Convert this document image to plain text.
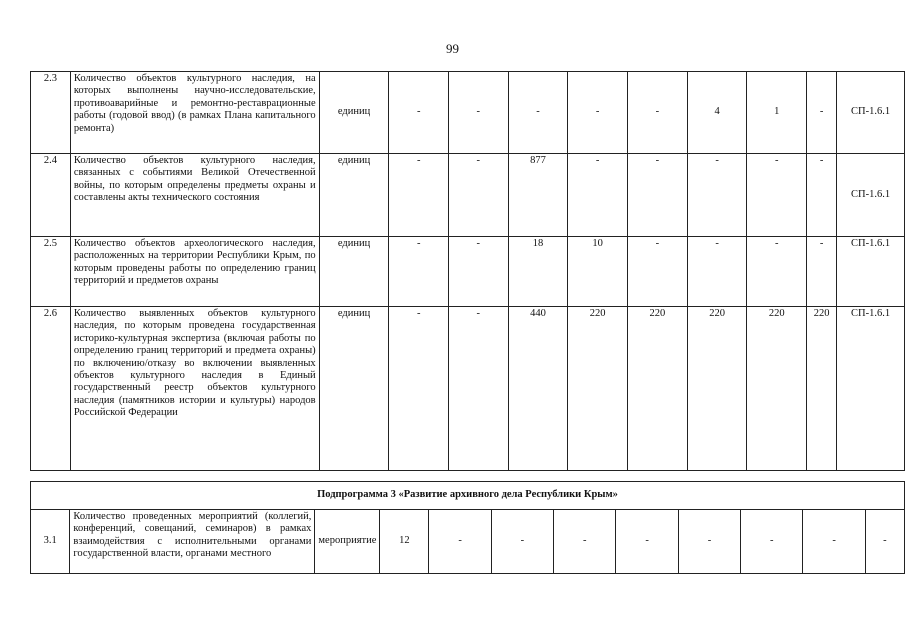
99
2.3	Количество объектов культурного наследия, на которых выполнены научно-исследовательские, противоаварийные и ремонтно-реставрационные работы (годовой ввод) (в рамках Плана капитального ремонта)	единиц	-	-	-	-	-	4	1	-	СП-1.6.1
2.4	Количество объектов культурного наследия, связанных с событиями Великой Отечественной войны, по которым определены предметы охраны и составлены акты технического состояния	единиц	-	-	877	-	-	-	-	-	СП-1.6.1
2.5	Количество объектов археологического наследия, расположенных на территории Республики Крым, по которым проведены работы по определению границ территорий и предметов охраны	единиц	-	-	18	10	-	-	-	-	СП-1.6.1
2.6	Количество выявленных объектов культурного наследия, по которым проведена государственная историко-культурная экспертиза (включая работы по определению границ территорий и предмета охраны) по включению/отказу во включении выявленных объектов культурного наследия в Единый государственный реестр объектов культурного наследия (памятников истории и культуры) народов Российской Федерации	единиц	-	-	440	220	220	220	220	220	СП-1.6.1
Подпрограмма 3 «Развитие архивного дела Республики Крым»
3.1	Количество проведенных мероприятий (коллегий, конференций, совещаний, семинаров) в рамках взаимодействия с исполнительными органами государственной власти, органами местного	мероприятие	12	-	-	-	-	-	-	-	-
